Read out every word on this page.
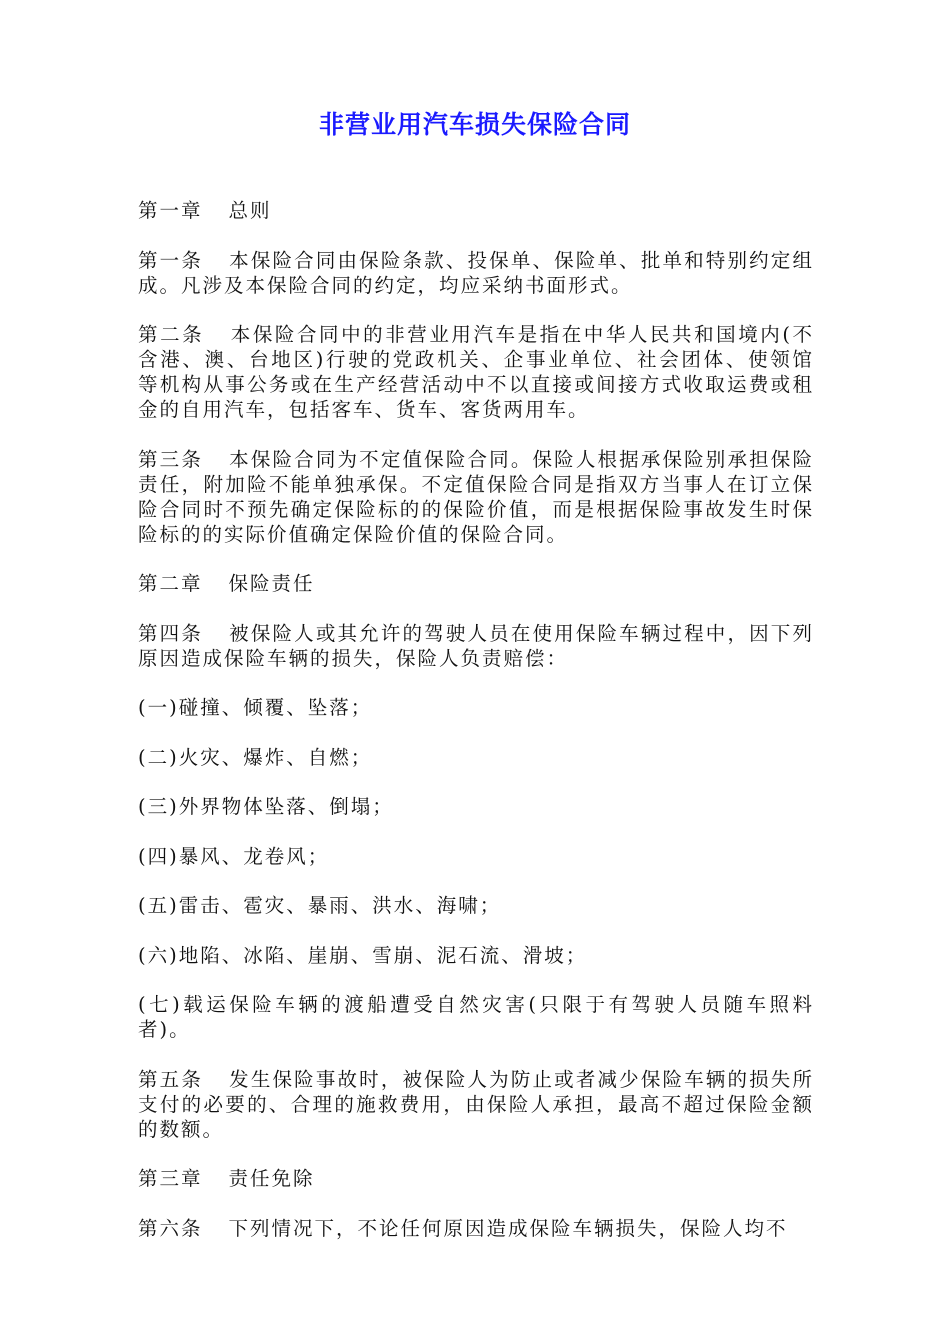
非营业用汽车损失保险合同

第一章 总则

第一条 本保险合同由保险条款、投保单、保险单、批单和特别约定组成。凡涉及本保险合同的约定，均应采纳书面形式。

第二条 本保险合同中的非营业用汽车是指在中华人民共和国境内(不含港、澳、台地区)行驶的党政机关、企事业单位、社会团体、使领馆等机构从事公务或在生产经营活动中不以直接或间接方式收取运费或租金的自用汽车，包括客车、货车、客货两用车。

第三条 本保险合同为不定值保险合同。保险人根据承保险别承担保险责任，附加险不能单独承保。不定值保险合同是指双方当事人在订立保险合同时不预先确定保险标的的保险价值，而是根据保险事故发生时保险标的的实际价值确定保险价值的保险合同。

第二章 保险责任

第四条 被保险人或其允许的驾驶人员在使用保险车辆过程中，因下列原因造成保险车辆的损失，保险人负责赔偿：

(一)碰撞、倾覆、坠落；

(二)火灾、爆炸、自燃；

(三)外界物体坠落、倒塌；

(四)暴风、龙卷风；

(五)雷击、雹灾、暴雨、洪水、海啸；

(六)地陷、冰陷、崖崩、雪崩、泥石流、滑坡；

(七)载运保险车辆的渡船遭受自然灾害(只限于有驾驶人员随车照料者)。

第五条 发生保险事故时，被保险人为防止或者减少保险车辆的损失所支付的必要的、合理的施救费用，由保险人承担，最高不超过保险金额的数额。

第三章 责任免除

第六条 下列情况下，不论任何原因造成保险车辆损失，保险人均不
